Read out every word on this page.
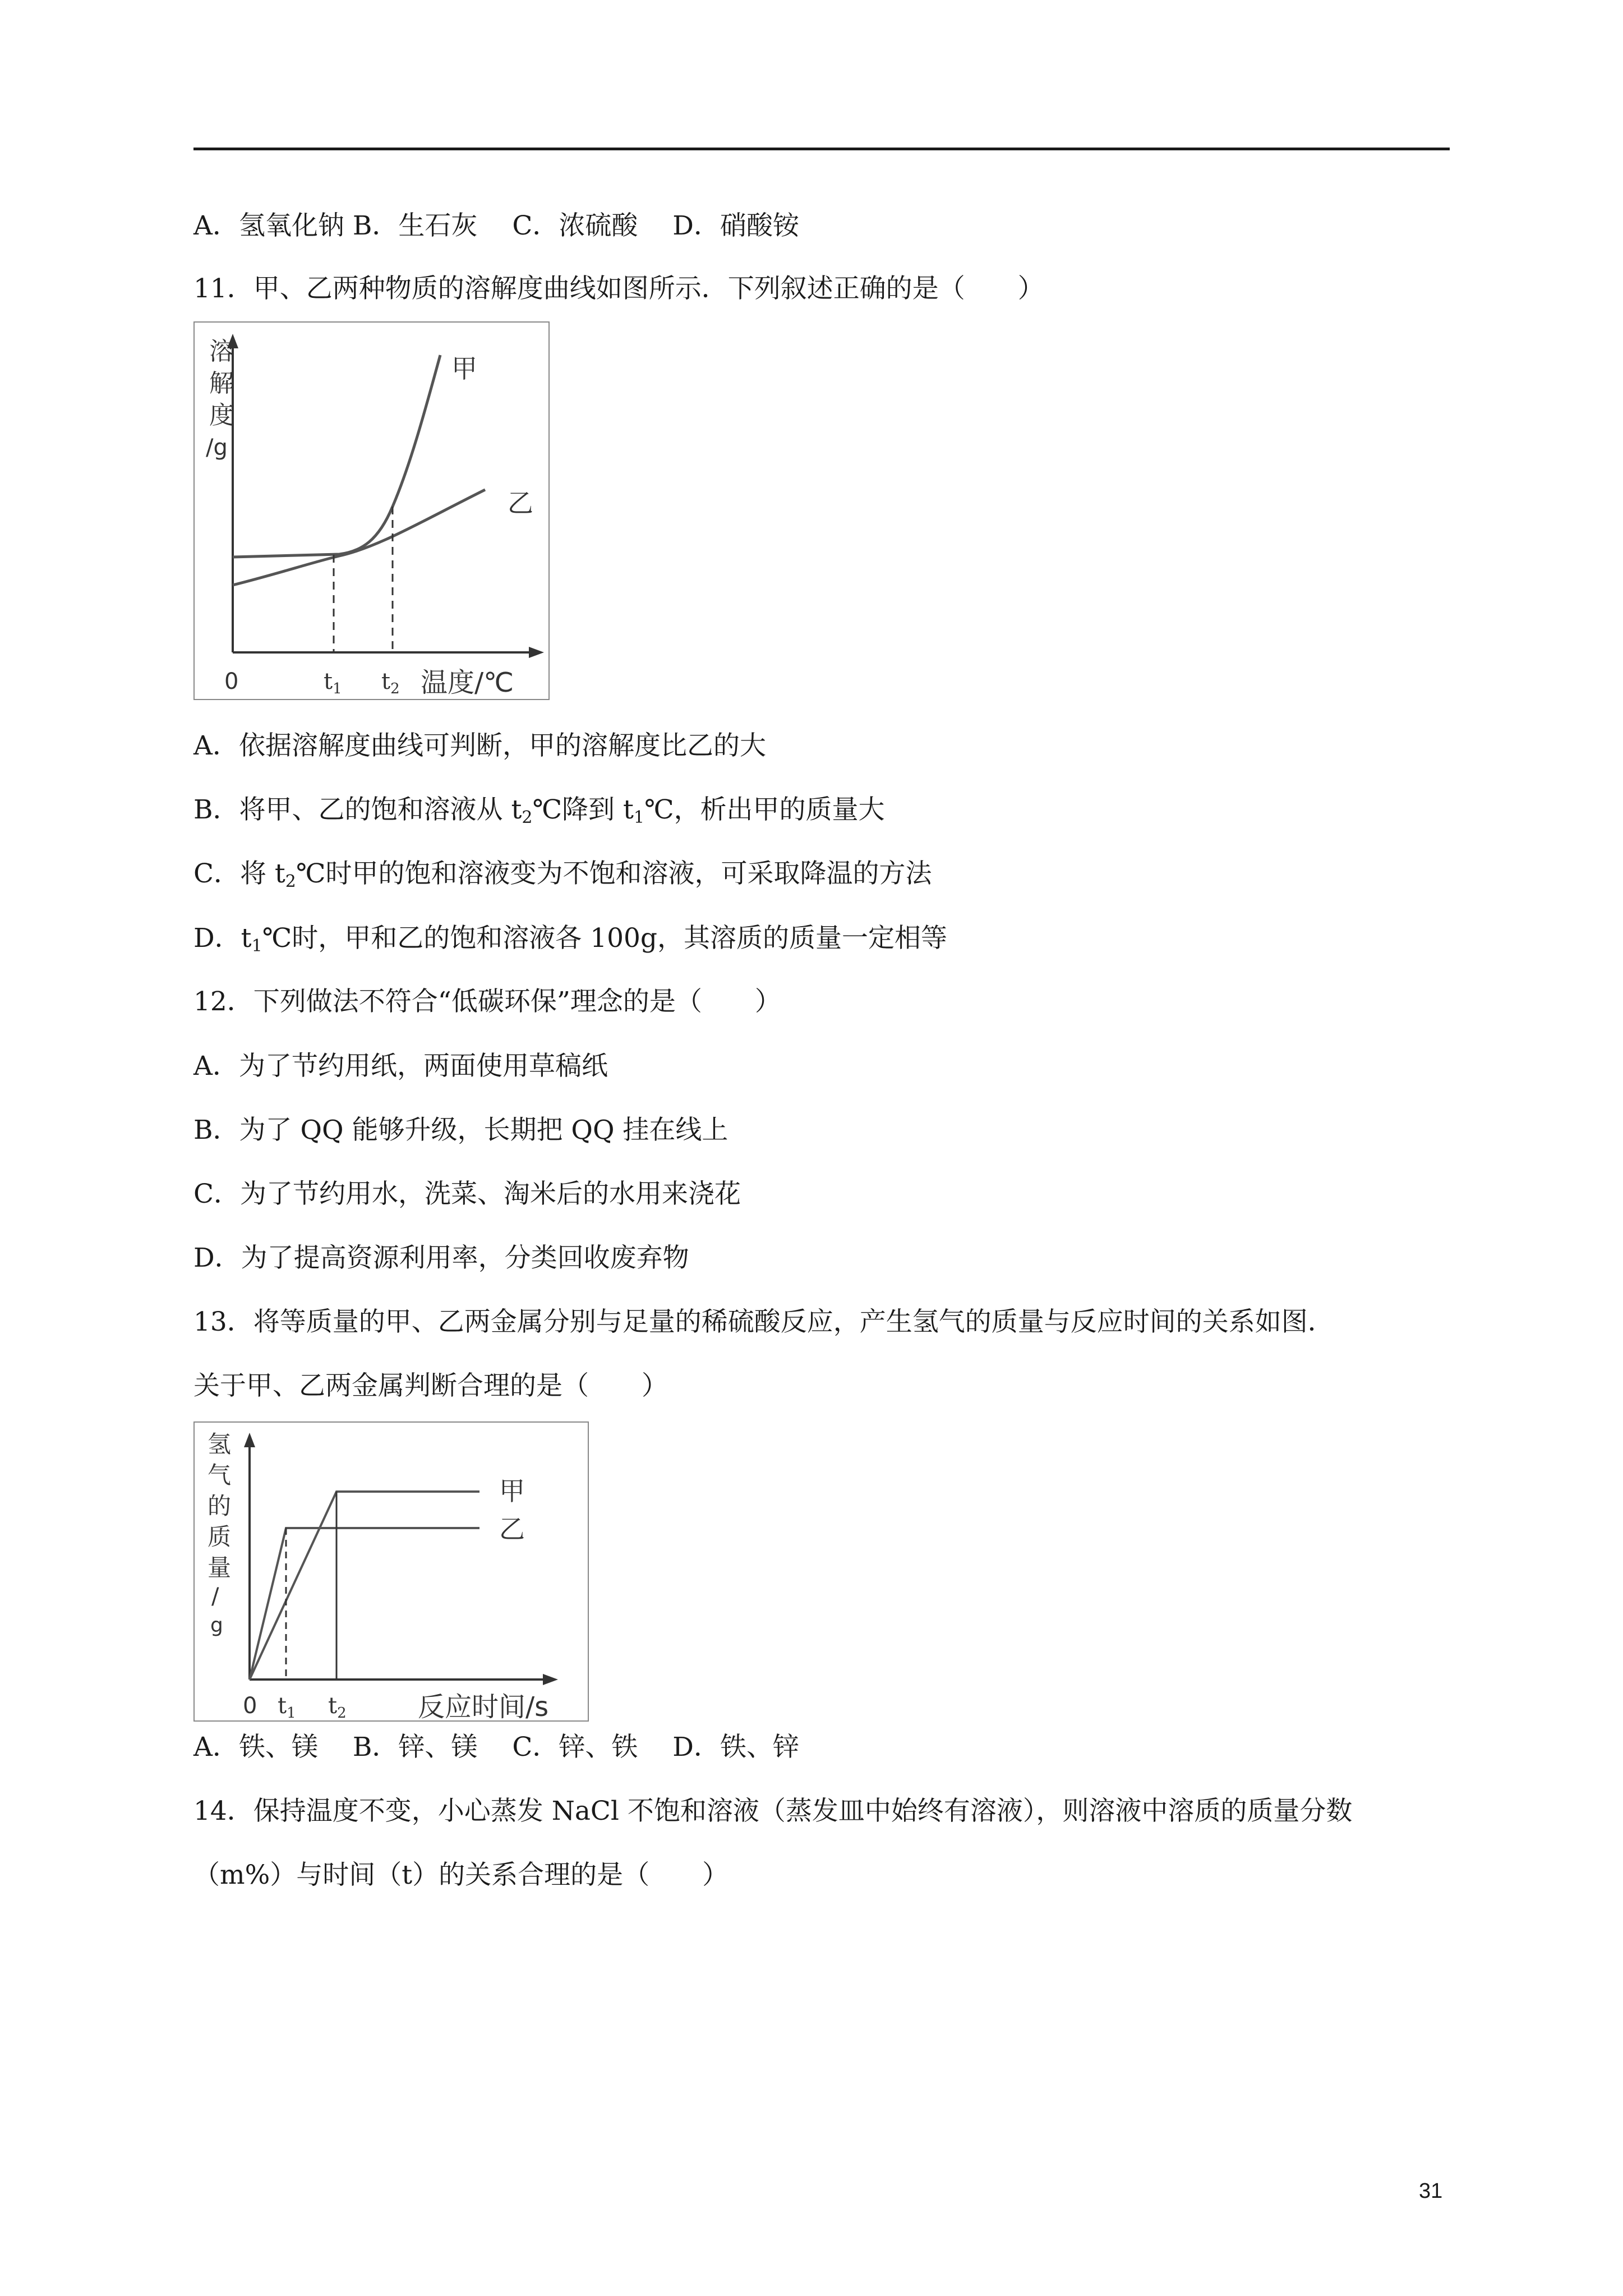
A．氢氧化钠 B．生石灰　 C．浓硫酸　 D．硝酸铵
11．甲、乙两种物质的溶解度曲线如图所示．下列叙述正确的是（　　）
溶
解
度
/g
甲
乙
0	$t_1$ $t_2$ 温度/℃
A．依据溶解度曲线可判断，甲的溶解度比乙的大
B．将甲、乙的饱和溶液从 $t_2℃$降到 $t_1℃$，析出甲的质量大
C．将 $t_2℃$时甲的饱和溶液变为不饱和溶液，可采取降温的方法
D．$t_1℃$时，甲和乙的饱和溶液各 100g，其溶质的质量一定相等
12．下列做法不符合“低碳环保”理念的是（　　）
A．为了节约用纸，两面使用草稿纸
B．为了 QQ 能够升级，长期把 QQ 挂在线上
C．为了节约用水，洗菜、淘米后的水用来浇花
D．为了提高资源利用率，分类回收废弃物
13．将等质量的甲、乙两金属分别与足量的稀硫酸反应，产生氢气的质量与反应时间的关系如图．
关于甲、乙两金属判断合理的是（　　）
氢
气
的
质
量
/
g
甲
乙
0 $t_1$ $t_2$	反应时间/s
A．铁、镁　 B．锌、镁　 C．锌、铁　 D．铁、锌
14．保持温度不变，小心蒸发 NaCl 不饱和溶液（蒸发皿中始终有溶液），则溶液中溶质的质量分数
（m%）与时间（t）的关系合理的是（　　）
31
